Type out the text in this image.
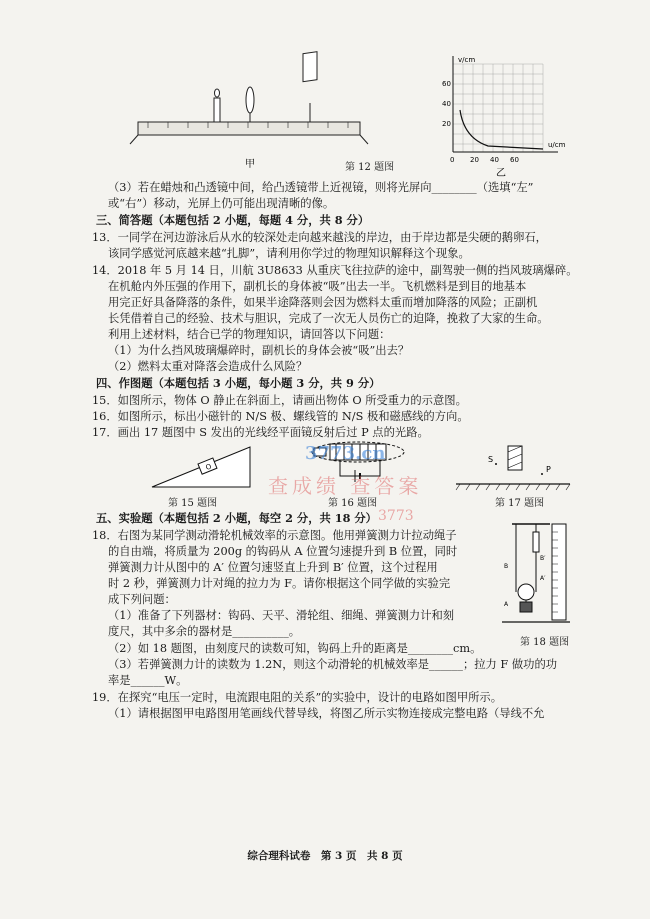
甲	第 12 题图
v/cm
u/cm
60
40
20
0 20 40 60
乙
（3）若在蜡烛和凸透镜中间，给凸透镜带上近视镜，则将光屏向________（选填“左”
或“右”）移动，光屏上仍可能出现清晰的像。
三、简答题（本题包括 2 小题，每题 4 分，共 8 分）
13．一同学在河边游泳后从水的较深处走向越来越浅的岸边，由于岸边都是尖硬的鹅卵石，
该同学感觉河底越来越“扎脚”，请利用你学过的物理知识解释这个现象。
14．2018 年 5 月 14 日，川航 3U8633 从重庆飞往拉萨的途中，副驾驶一侧的挡风玻璃爆碎。
在机舱内外压强的作用下，副机长的身体被“吸”出去一半。飞机燃料是到目的地基本
用完正好具备降落的条件，如果半途降落则会因为燃料太重而增加降落的风险；正副机
长凭借着自己的经验、技术与胆识，完成了一次无人员伤亡的迫降，挽救了大家的生命。
利用上述材料，结合已学的物理知识，请回答以下问题：
（1）为什么挡风玻璃爆碎时，副机长的身体会被“吸”出去？
（2）燃料太重对降落会造成什么风险？
四、作图题（本题包括 3 小题，每小题 3 分，共 9 分）
15．如图所示，物体 O 静止在斜面上，请画出物体 O 所受重力的示意图。
16．如图所示，标出小磁针的 N/S 极、螺线管的 N/S 极和磁感线的方向。
17．画出 17 题图中 S 发出的光线经平面镜反射后过 P 点的光路。
O
第 15 题图	第 16 题图
S
P
第 17 题图
五、实验题（本题包括 2 小题，每空 2 分，共 18 分）
18．右图为某同学测动滑轮机械效率的示意图。他用弹簧测力计拉动绳子
的自由端，将质量为 200g 的钩码从 A 位置匀速提升到 B 位置，同时
弹簧测力计从图中的 A′ 位置匀速竖直上升到 B′ 位置，这个过程用
时 2 秒，弹簧测力计对绳的拉力为 F。请你根据这个同学做的实验完
成下列问题：
（1）准备了下列器材：钩码、天平、滑轮组、细绳、弹簧测力计和刻
度尺，其中多余的器材是__________。
（2）如 18 题图，由刻度尺的读数可知，钩码上升的距离是________cm。
（3）若弹簧测力计的读数为 1.2N，则这个动滑轮的机械效率是______；拉力 F 做功的功
率是______W。
19．在探究“电压一定时，电流跟电阻的关系”的实验中，设计的电路如图甲所示。
（1）请根据图甲电路图用笔画线代替导线，将图乙所示实物连接成完整电路（导线不允
B
A
B′
A′
第 18 题图
综合理科试卷　第 3 页　共 8 页
3773.cn
查成绩 查答案
3773
